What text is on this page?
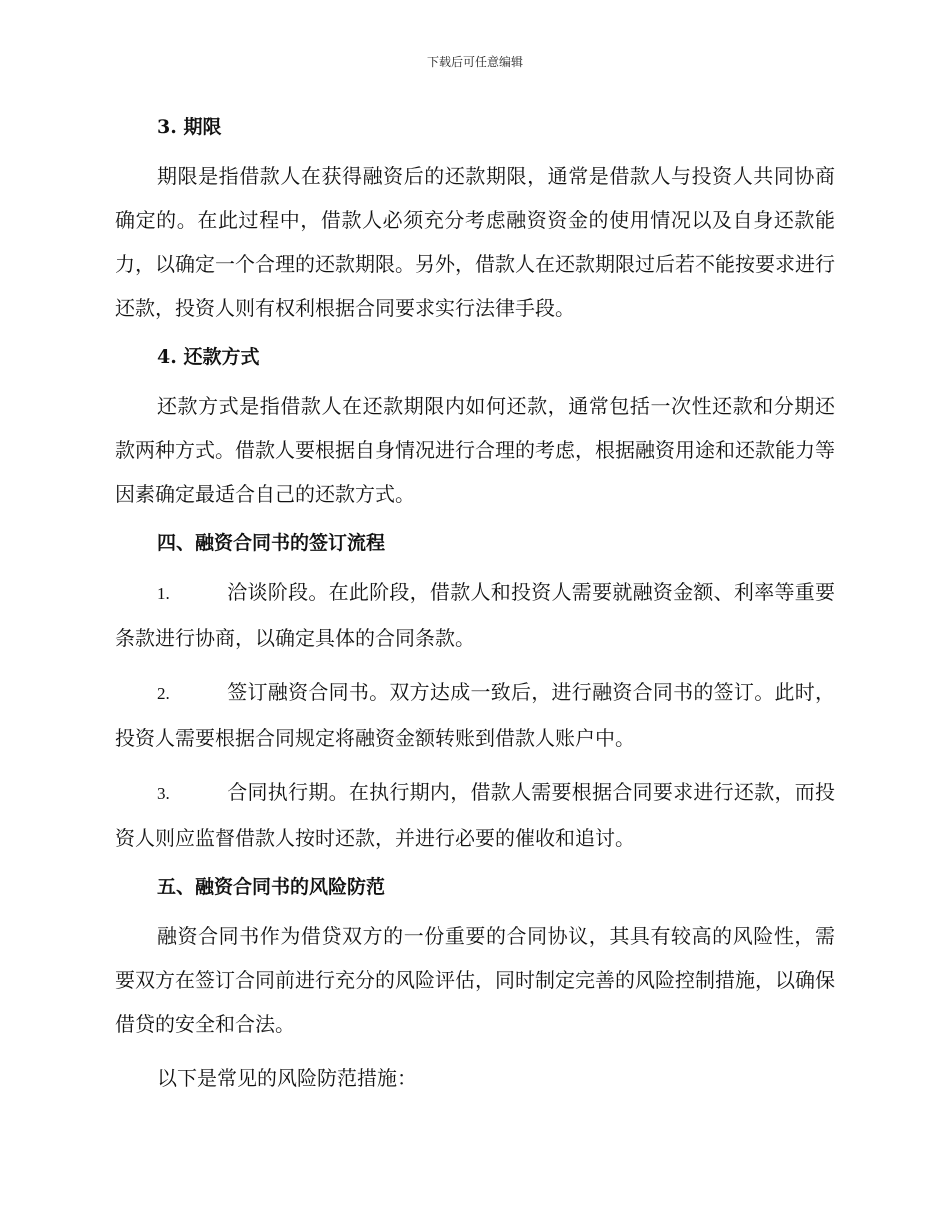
下载后可任意编辑
3. 期限

期限是指借款人在获得融资后的还款期限，通常是借款人与投资人共同协商确定的。在此过程中，借款人必须充分考虑融资资金的使用情况以及自身还款能力，以确定一个合理的还款期限。另外，借款人在还款期限过后若不能按要求进行还款，投资人则有权利根据合同要求实行法律手段。

4. 还款方式

还款方式是指借款人在还款期限内如何还款，通常包括一次性还款和分期还款两种方式。借款人要根据自身情况进行合理的考虑，根据融资用途和还款能力等因素确定最适合自己的还款方式。

四、融资合同书的签订流程

1.	洽谈阶段。在此阶段，借款人和投资人需要就融资金额、利率等重要条款进行协商，以确定具体的合同条款。

2.	签订融资合同书。双方达成一致后，进行融资合同书的签订。此时，投资人需要根据合同规定将融资金额转账到借款人账户中。

3.	合同执行期。在执行期内，借款人需要根据合同要求进行还款，而投资人则应监督借款人按时还款，并进行必要的催收和追讨。

五、融资合同书的风险防范

融资合同书作为借贷双方的一份重要的合同协议，其具有较高的风险性，需要双方在签订合同前进行充分的风险评估，同时制定完善的风险控制措施，以确保借贷的安全和合法。

以下是常见的风险防范措施：
